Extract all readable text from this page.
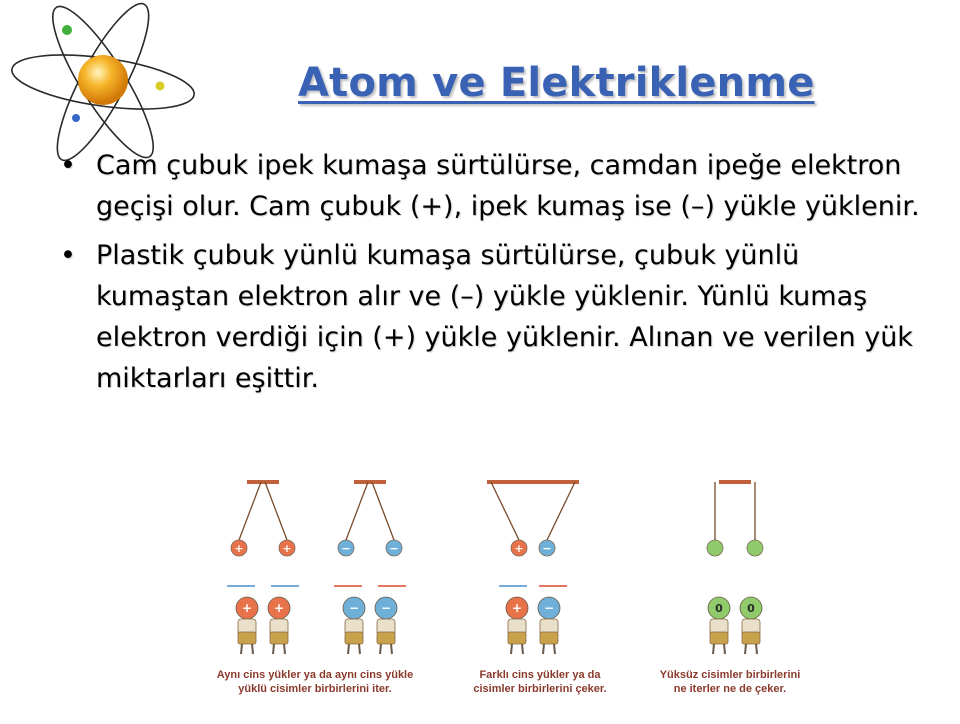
Atom ve Elektriklenme
• Cam çubuk ipek kumaşa sürtülürse, camdan ipeğe elektron geçişi olur. Cam çubuk (+), ipek kumaş ise (–) yükle yüklenir.
• Plastik çubuk yünlü kumaşa sürtülürse, çubuk yünlü kumaştan elektron alır ve (–) yükle yüklenir. Yünlü kumaş elektron verdiği için (+) yükle yüklenir. Alınan ve verilen yük miktarları eşittir.
+	+
+ +
−	−
− −
+ −
+ −	0 0
Aynı cins yükler ya da aynı cins yükle
yüklü cisimler birbirlerini iter.
Farklı cins yükler ya da
cisimler birbirlerini çeker.
Yüksüz cisimler birbirlerini
ne iterler ne de çeker.
